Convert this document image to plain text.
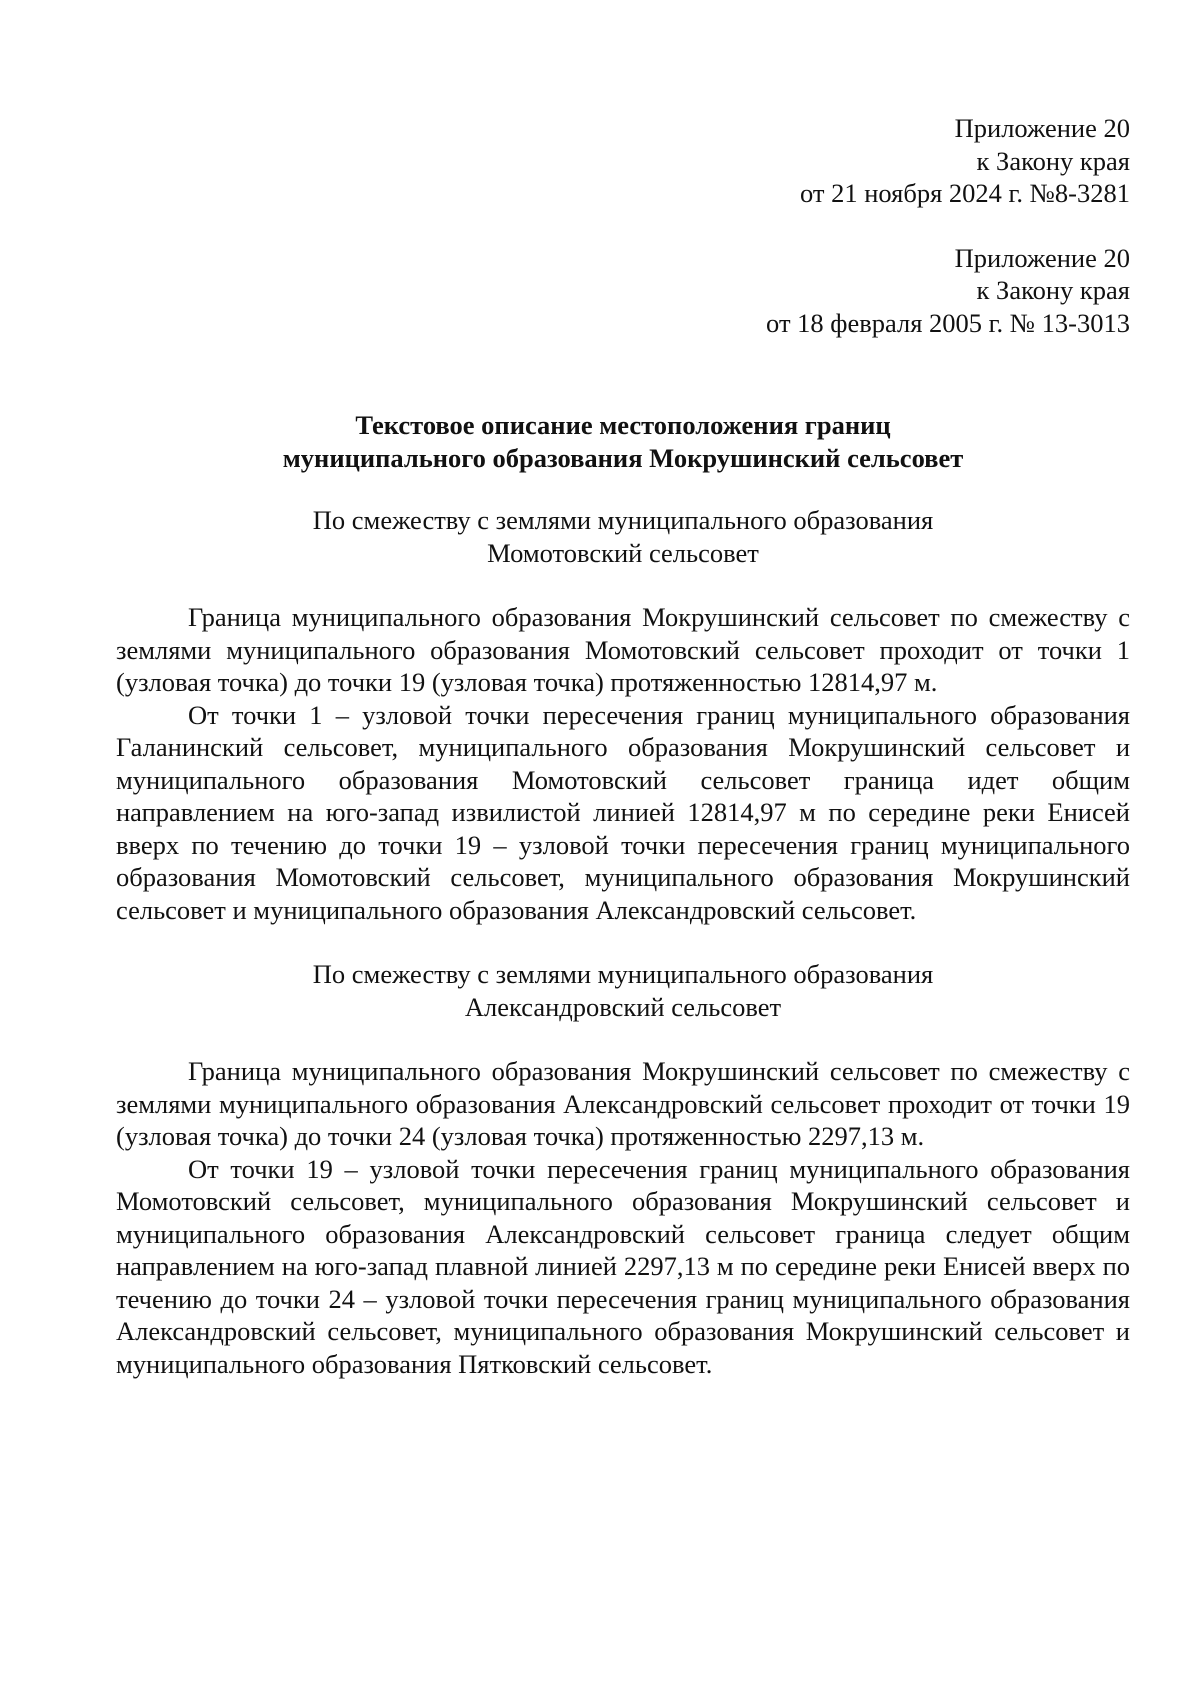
Приложение 20
к Закону края
от 21 ноября 2024 г. №8-3281
Приложение 20
к Закону края
от 18 февраля 2005 г. № 13-3013
Текстовое описание местоположения границ
муниципального образования Мокрушинский сельсовет
По смежеству с землями муниципального образования
Момотовский сельсовет

Граница муниципального образования Мокрушинский сельсовет по смежеству с землями муниципального образования Момотовский сельсовет проходит от точки 1 (узловая точка) до точки 19 (узловая точка) протяженностью 12814,97 м.

От точки 1 – узловой точки пересечения границ муниципального образования Галанинский сельсовет, муниципального образования Мокрушинский сельсовет и муниципального образования Момотовский сельсовет граница идет общим направлением на юго-запад извилистой линией 12814,97 м по середине реки Енисей вверх по течению до точки 19 – узловой точки пересечения границ муниципального образования Момотовский сельсовет, муниципального образования Мокрушинский сельсовет и муниципального образования Александровский сельсовет.

По смежеству с землями муниципального образования
Александровский сельсовет

Граница муниципального образования Мокрушинский сельсовет по смежеству с землями муниципального образования Александровский сельсовет проходит от точки 19 (узловая точка) до точки 24 (узловая точка) протяженностью 2297,13 м.

От точки 19 – узловой точки пересечения границ муниципального образования Момотовский сельсовет, муниципального образования Мокрушинский сельсовет и муниципального образования Александровский сельсовет граница следует общим направлением на юго-запад плавной линией 2297,13 м по середине реки Енисей вверх по течению до точки 24 – узловой точки пересечения границ муниципального образования Александровский сельсовет, муниципального образования Мокрушинский сельсовет и муниципального образования Пятковский сельсовет.
